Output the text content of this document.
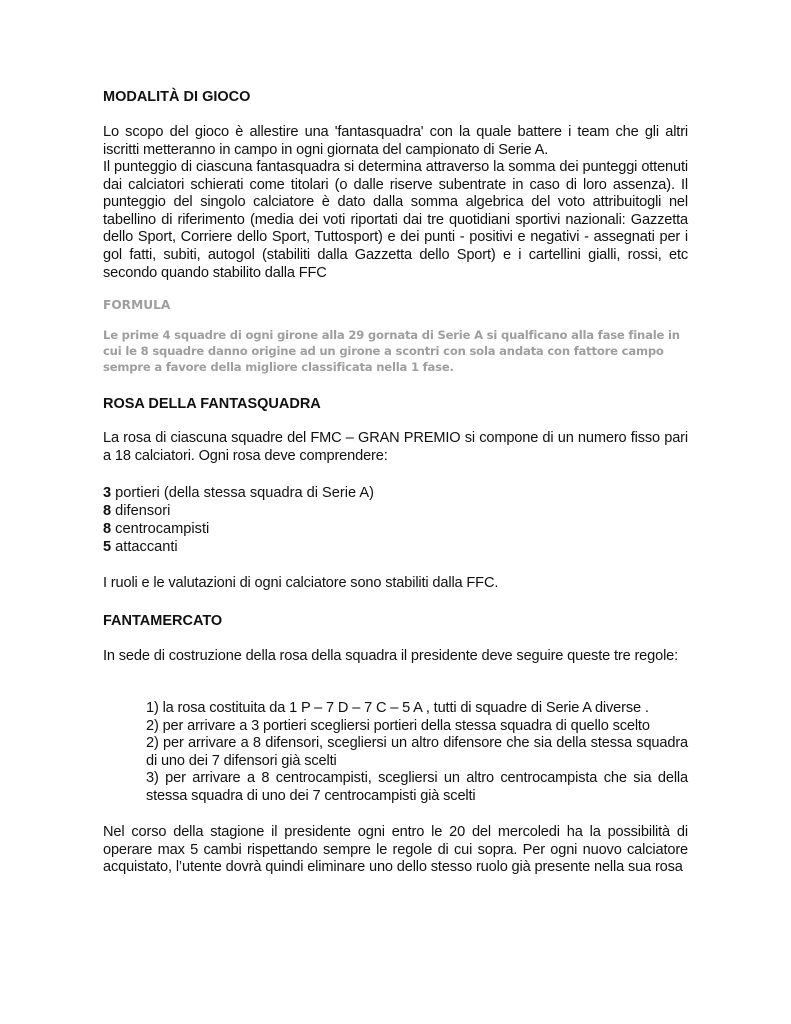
MODALITÀ DI GIOCO

Lo scopo del gioco è allestire una 'fantasquadra' con la quale battere i team che gli altri iscritti metteranno in campo in ogni giornata del campionato di Serie A.

Il punteggio di ciascuna fantasquadra si determina attraverso la somma dei punteggi ottenuti dai calciatori schierati come titolari (o dalle riserve subentrate in caso di loro assenza). Il punteggio del singolo calciatore è dato dalla somma algebrica del voto attribuitogli nel tabellino di riferimento (media dei voti riportati dai tre quotidiani sportivi nazionali: Gazzetta dello Sport, Corriere dello Sport, Tuttosport) e dei punti - positivi e negativi - assegnati per i gol fatti, subiti, autogol (stabiliti dalla Gazzetta dello Sport) e i cartellini gialli, rossi, etc secondo quando stabilito dalla FFC

FORMULA

Le prime 4 squadre di ogni girone alla 29 gornata di Serie A si qualficano alla fase finale in cui le 8 squadre danno origine ad un girone a scontri con sola andata con fattore campo sempre a favore della migliore classificata nella 1 fase.

ROSA DELLA FANTASQUADRA

La rosa di ciascuna squadre del FMC – GRAN PREMIO si compone di un numero fisso pari a 18 calciatori. Ogni rosa deve comprendere:

3 portieri (della stessa squadra di Serie A)
8 difensori
8 centrocampisti
5 attaccanti

I ruoli e le valutazioni di ogni calciatore sono stabiliti dalla FFC.

FANTAMERCATO

In sede di costruzione della rosa della squadra il presidente deve seguire queste tre regole:

1) la rosa costituita da 1 P – 7 D – 7 C – 5 A , tutti di squadre di Serie A diverse .
2) per arrivare a 3 portieri scegliersi portieri della stessa squadra di quello scelto
2) per arrivare a 8 difensori, scegliersi un altro difensore che sia della stessa squadra di uno dei 7 difensori già scelti
3) per arrivare a 8 centrocampisti, scegliersi un altro centrocampista che sia della stessa squadra di uno dei 7 centrocampisti già scelti

Nel corso della stagione il presidente ogni entro le 20 del mercoledi ha la possibilità di operare max 5 cambi rispettando sempre le regole di cui sopra. Per ogni nuovo calciatore acquistato, l’utente dovrà quindi eliminare uno dello stesso ruolo già presente nella sua rosa
